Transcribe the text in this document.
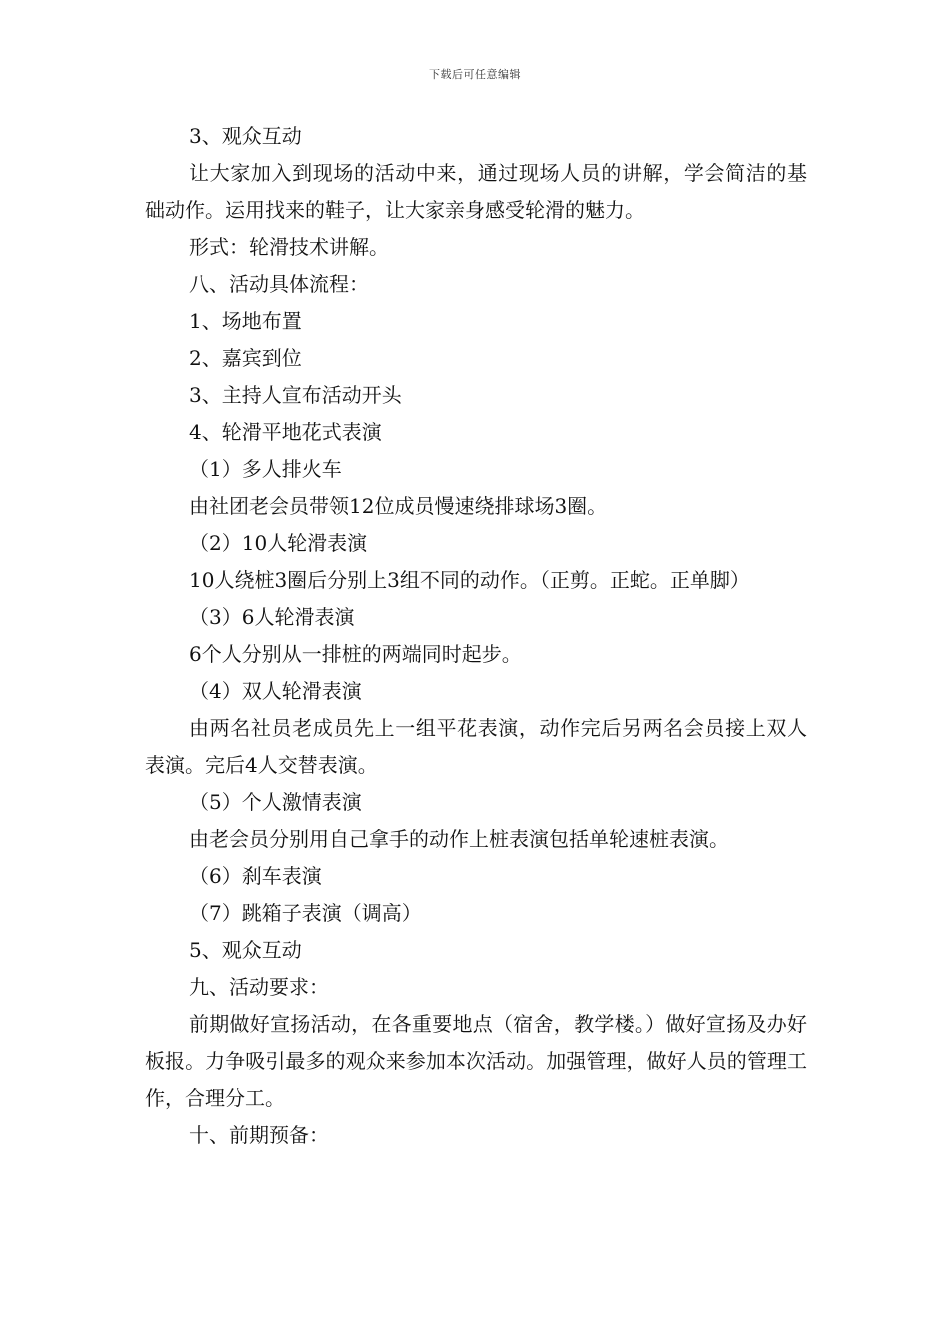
下载后可任意编辑

3、观众互动

让大家加入到现场的活动中来，通过现场人员的讲解，学会简洁的基础动作。运用找来的鞋子，让大家亲身感受轮滑的魅力。

形式：轮滑技术讲解。

八、活动具体流程：

1、场地布置

2、嘉宾到位

3、主持人宣布活动开头

4、轮滑平地花式表演

（1）多人排火车

由社团老会员带领12位成员慢速绕排球场3圈。

（2）10人轮滑表演

10人绕桩3圈后分别上3组不同的动作。（正剪。正蛇。正单脚）

（3）6人轮滑表演

6个人分别从一排桩的两端同时起步。

（4）双人轮滑表演

由两名社员老成员先上一组平花表演，动作完后另两名会员接上双人表演。完后4人交替表演。

（5）个人激情表演

由老会员分别用自己拿手的动作上桩表演包括单轮速桩表演。

（6）刹车表演

（7）跳箱子表演（调高）

5、观众互动

九、活动要求：

前期做好宣扬活动，在各重要地点（宿舍，教学楼。）做好宣扬及办好板报。力争吸引最多的观众来参加本次活动。加强管理，做好人员的管理工作，合理分工。

十、前期预备：
